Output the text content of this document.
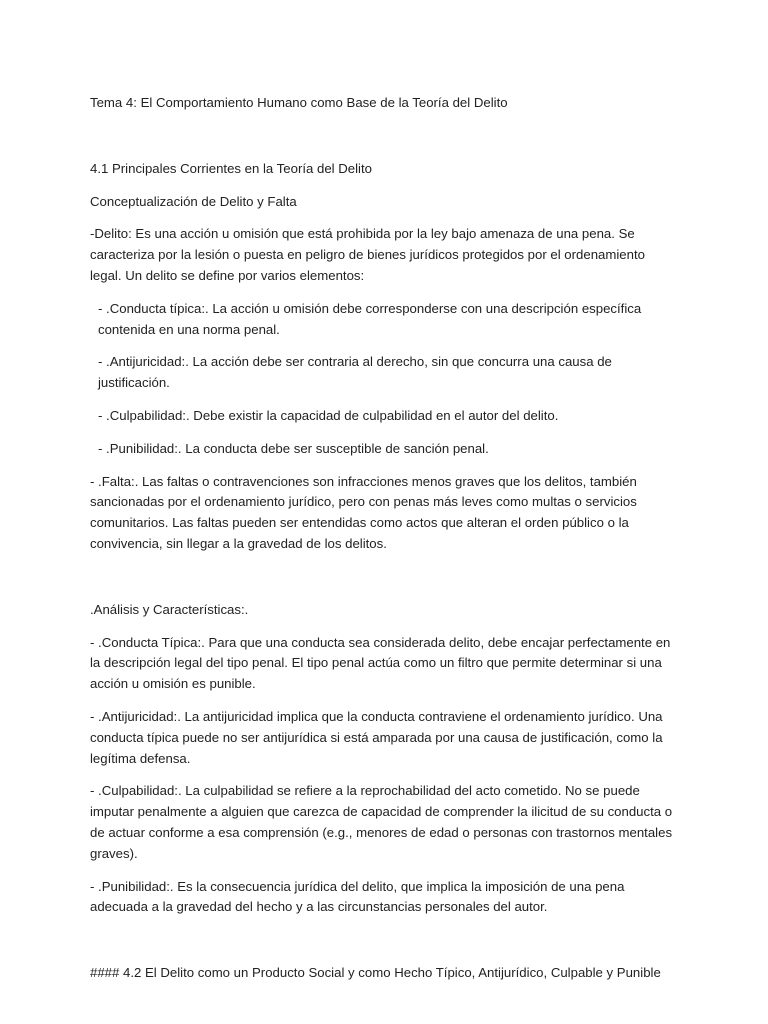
Tema 4: El Comportamiento Humano como Base de la Teoría del Delito

4.1 Principales Corrientes en la Teoría del Delito

Conceptualización de Delito y Falta

-Delito: Es una acción u omisión que está prohibida por la ley bajo amenaza de una pena. Se caracteriza por la lesión o puesta en peligro de bienes jurídicos protegidos por el ordenamiento legal. Un delito se define por varios elementos:

- .Conducta típica:. La acción u omisión debe corresponderse con una descripción específica contenida en una norma penal.

- .Antijuricidad:. La acción debe ser contraria al derecho, sin que concurra una causa de justificación.

- .Culpabilidad:. Debe existir la capacidad de culpabilidad en el autor del delito.

- .Punibilidad:. La conducta debe ser susceptible de sanción penal.

- .Falta:. Las faltas o contravenciones son infracciones menos graves que los delitos, también sancionadas por el ordenamiento jurídico, pero con penas más leves como multas o servicios comunitarios. Las faltas pueden ser entendidas como actos que alteran el orden público o la convivencia, sin llegar a la gravedad de los delitos.

.Análisis y Características:.

- .Conducta Típica:. Para que una conducta sea considerada delito, debe encajar perfectamente en la descripción legal del tipo penal. El tipo penal actúa como un filtro que permite determinar si una acción u omisión es punible.

- .Antijuricidad:. La antijuricidad implica que la conducta contraviene el ordenamiento jurídico. Una conducta típica puede no ser antijurídica si está amparada por una causa de justificación, como la legítima defensa.

- .Culpabilidad:. La culpabilidad se refiere a la reprochabilidad del acto cometido. No se puede imputar penalmente a alguien que carezca de capacidad de comprender la ilicitud de su conducta o de actuar conforme a esa comprensión (e.g., menores de edad o personas con trastornos mentales graves).

- .Punibilidad:. Es la consecuencia jurídica del delito, que implica la imposición de una pena adecuada a la gravedad del hecho y a las circunstancias personales del autor.

#### 4.2 El Delito como un Producto Social y como Hecho Típico, Antijurídico, Culpable y Punible
